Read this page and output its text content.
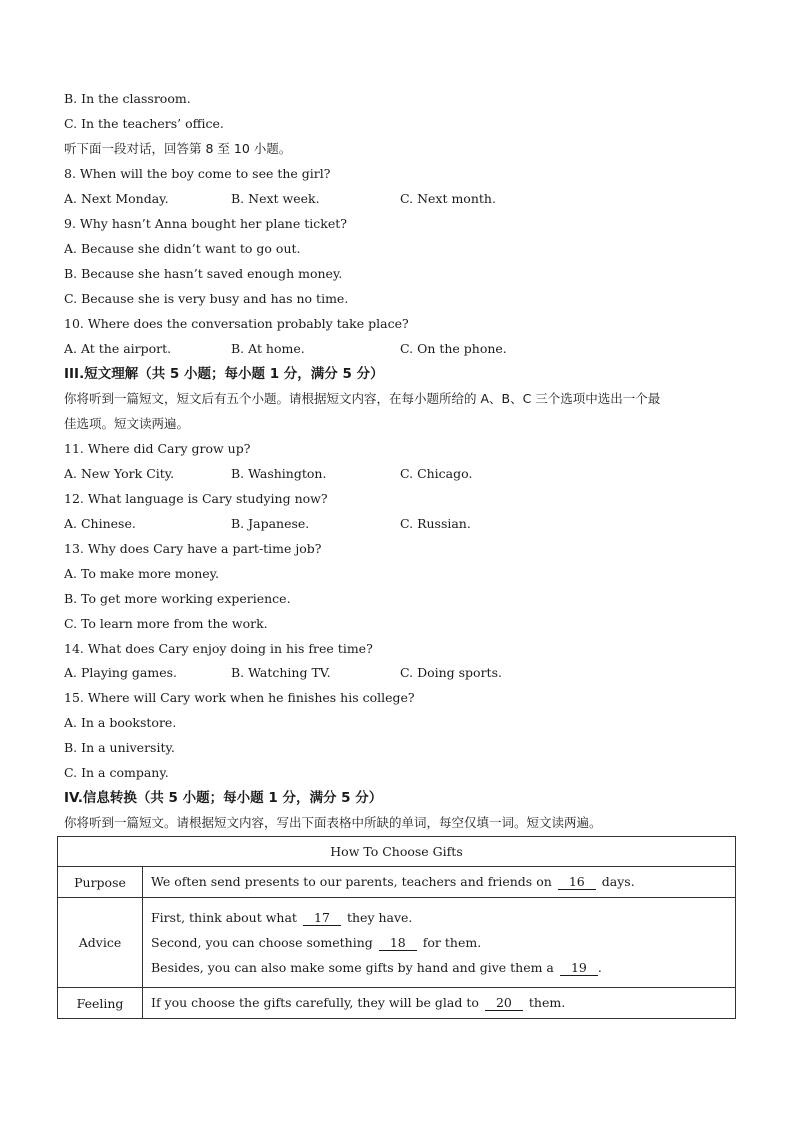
B. In the classroom.
C. In the teachers’ office.
听下面一段对话，回答第 8 至 10 小题。
8. When will the boy come to see the girl?
A. Next Monday.	B. Next week.	C. Next month.
9. Why hasn’t Anna bought her plane ticket?
A. Because she didn’t want to go out.
B. Because she hasn’t saved enough money.
C. Because she is very busy and has no time.
10. Where does the conversation probably take place?
A. At the airport.	B. At home.	C. On the phone.
III.短文理解（共 5 小题；每小题 1 分，满分 5 分）
你将听到一篇短文，短文后有五个小题。请根据短文内容，在每小题所给的 A、B、C 三个选项中选出一个最
佳选项。短文读两遍。
11. Where did Cary grow up?
A. New York City.	B. Washington.	C. Chicago.
12. What language is Cary studying now?
A. Chinese.	B. Japanese.	C. Russian.
13. Why does Cary have a part-time job?
A. To make more money.
B. To get more working experience.
C. To learn more from the work.
14. What does Cary enjoy doing in his free time?
A. Playing games.	B. Watching TV.	C. Doing sports.
15. Where will Cary work when he finishes his college?
A. In a bookstore.
B. In a university.
C. In a company.
IV.信息转换（共 5 小题；每小题 1 分，满分 5 分）
你将听到一篇短文。请根据短文内容，写出下面表格中所缺的单词，每空仅填一词。短文读两遍。
How To Choose Gifts	
Purpose	We often send presents to our parents, teachers and friends on 16 days.
Advice	First, think about what 17 they have.
Second, you can choose something 18 for them.
Besides, you can also make some gifts by hand and give them a 19 .

Feeling	If you choose the gifts carefully, they will be glad to 20 them.
